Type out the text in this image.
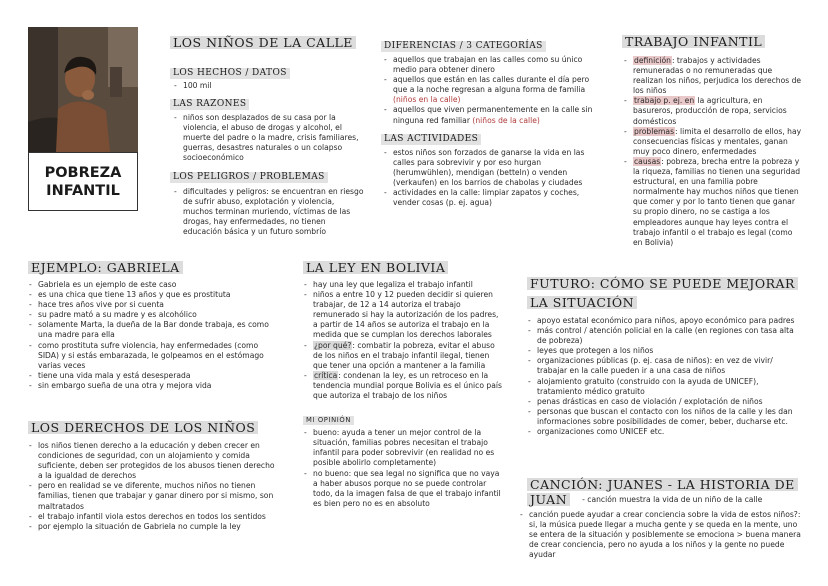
POBREZA
INFANTIL
LOS NIÑOS DE LA CALLE
LOS HECHOS / DATOS
- 100 mil
LAS RAZONES
- niños son desplazados de su casa por la violencia, el abuso de drogas y alcohol, el muerte del padre o la madre, crisis familiares, guerras, desastres naturales o un colapso socioeconómico
LOS PELIGROS / PROBLEMAS
- dificultades y peligros: se encuentran en riesgo de sufrir abuso, explotación y violencia, muchos terminan muriendo, víctimas de las drogas, hay enfermedades, no tienen educación básica y un futuro sombrío
DIFERENCIAS / 3 CATEGORÍAS
- aquellos que trabajan en las calles como su único medio para obtener dinero
- aquellos que están en las calles durante el día pero que a la noche regresan a alguna forma de familia (niños en la calle)
- aquellos que viven permanentemente en la calle sin ninguna red familiar (niños de la calle)
LAS ACTIVIDADES
- estos niños son forzados de ganarse la vida en las calles para sobrevivir y por eso hurgan (herumwühlen), mendigan (betteln) o venden (verkaufen) en los barrios de chabolas y ciudades
- actividades en la calle: limpiar zapatos y coches, vender cosas (p. ej. agua)
TRABAJO INFANTIL
- definición: trabajos y actividades remuneradas o no remuneradas que realizan los niños, perjudica los derechos de los niños
- trabajo p. ej. en la agricultura, en basureros, producción de ropa, servicios domésticos
- problemas: limita el desarrollo de ellos, hay consecuencias físicas y mentales, ganan muy poco dinero, enfermedades
- causas: pobreza, brecha entre la pobreza y la riqueza, familias no tienen una seguridad estructural, en una familia pobre normalmente hay muchos niños que tienen que comer y por lo tanto tienen que ganar su propio dinero, no se castiga a los empleadores aunque hay leyes contra el trabajo infantil o el trabajo es legal (como en Bolivia)
EJEMPLO: GABRIELA
- Gabriela es un ejemplo de este caso
- es una chica que tiene 13 años y que es prostituta
- hace tres años vive por si cuenta
- su padre mató a su madre y es alcohólico
- solamente Marta, la dueña de la Bar donde trabaja, es como una madre para ella
- como prostituta sufre violencia, hay enfermedades (como SIDA) y si estás embarazada, le golpeamos en el estómago varias veces
- tiene una vida mala y está desesperada
- sin embargo sueña de una otra y mejora vida
LA LEY EN BOLIVIA
- hay una ley que legaliza el trabajo infantil
- niños a entre 10 y 12 pueden decidir si quieren trabajar, de 12 a 14 autoriza el trabajo remunerado si hay la autorización de los padres, a partir de 14 años se autoriza el trabajo en la medida que se cumplan los derechos laborales
- ¿por qué?: combatir la pobreza, evitar el abuso de los niños en el trabajo infantil ilegal, tienen que tener una opción a mantener a la familia
- crítica: condenan la ley, es un retroceso en la tendencia mundial porque Bolivia es el único país que autoriza el trabajo de los niños
MI OPINIÓN
- bueno: ayuda a tener un mejor control de la situación, familias pobres necesitan el trabajo infantil para poder sobrevivir (en realidad no es posible abolirlo completamente)
- no bueno: que sea legal no significa que no vaya a haber abusos porque no se puede controlar todo, da la imagen falsa de que el trabajo infantil es bien pero no es en absoluto
LOS DERECHOS DE LOS NIÑOS
- los niños tienen derecho a la educación y deben crecer en condiciones de seguridad, con un alojamiento y comida suficiente, deben ser protegidos de los abusos tienen derecho a la igualdad de derechos
- pero en realidad se ve diferente, muchos niños no tienen familias, tienen que trabajar y ganar dinero por si mismo, son maltratados
- el trabajo infantil viola estos derechos en todos los sentidos
- por ejemplo la situación de Gabriela no cumple la ley
FUTURO: CÓMO SE PUEDE MEJORAR
LA SITUACIÓN
- apoyo estatal económico para niños, apoyo económico para padres
- más control / atención policial en la calle (en regiones con tasa alta de pobreza)
- leyes que protegen a los niños
- organizaciones públicas (p. ej. casa de niños): en vez de vivir/ trabajar en la calle pueden ir a una casa de niños
- alojamiento gratuito (construido con la ayuda de UNICEF), tratamiento médico gratuito
- penas drásticas en caso de violación / explotación de niños
- personas que buscan el contacto con los niños de la calle y les dan informaciones sobre posibilidades de comer, beber, ducharse etc.
- organizaciones como UNICEF etc.
CANCIÓN: JUANES - LA HISTORIA DE

JUAN	- canción muestra la vida de un niño de la calle
- canción puede ayudar a crear conciencia sobre la vida de estos niños?: si, la música puede llegar a mucha gente y se queda en la mente, uno se entera de la situación y posiblemente se emociona > buena manera de crear conciencia, pero no ayuda a los niños y la gente no puede ayudar
